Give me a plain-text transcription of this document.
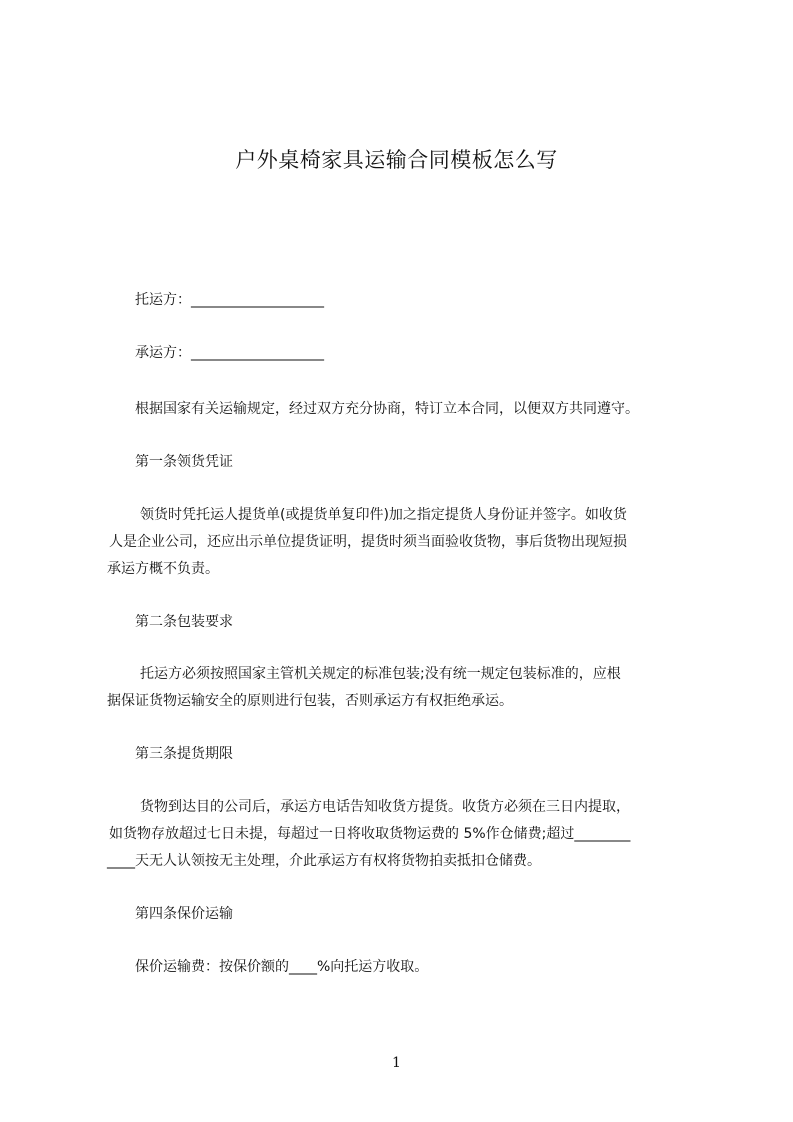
户外桌椅家具运输合同模板怎么写
托运方：___________________
承运方：___________________
根据国家有关运输规定，经过双方充分协商，特订立本合同，以便双方共同遵守。
第一条领货凭证
领货时凭托运人提货单(或提货单复印件)加之指定提货人身份证并签字。如收货
人是企业公司，还应出示单位提货证明，提货时须当面验收货物，事后货物出现短损
承运方概不负责。
第二条包装要求
托运方必须按照国家主管机关规定的标准包装;没有统一规定包装标准的，应根
据保证货物运输安全的原则进行包装，否则承运方有权拒绝承运。
第三条提货期限
货物到达目的公司后，承运方电话告知收货方提货。收货方必须在三日内提取，
如货物存放超过七日未提，每超过一日将收取货物运费的 5%作仓储费;超过________
____天无人认领按无主处理，介此承运方有权将货物拍卖抵扣仓储费。
第四条保价运输
保价运输费：按保价额的____%向托运方收取。
1
